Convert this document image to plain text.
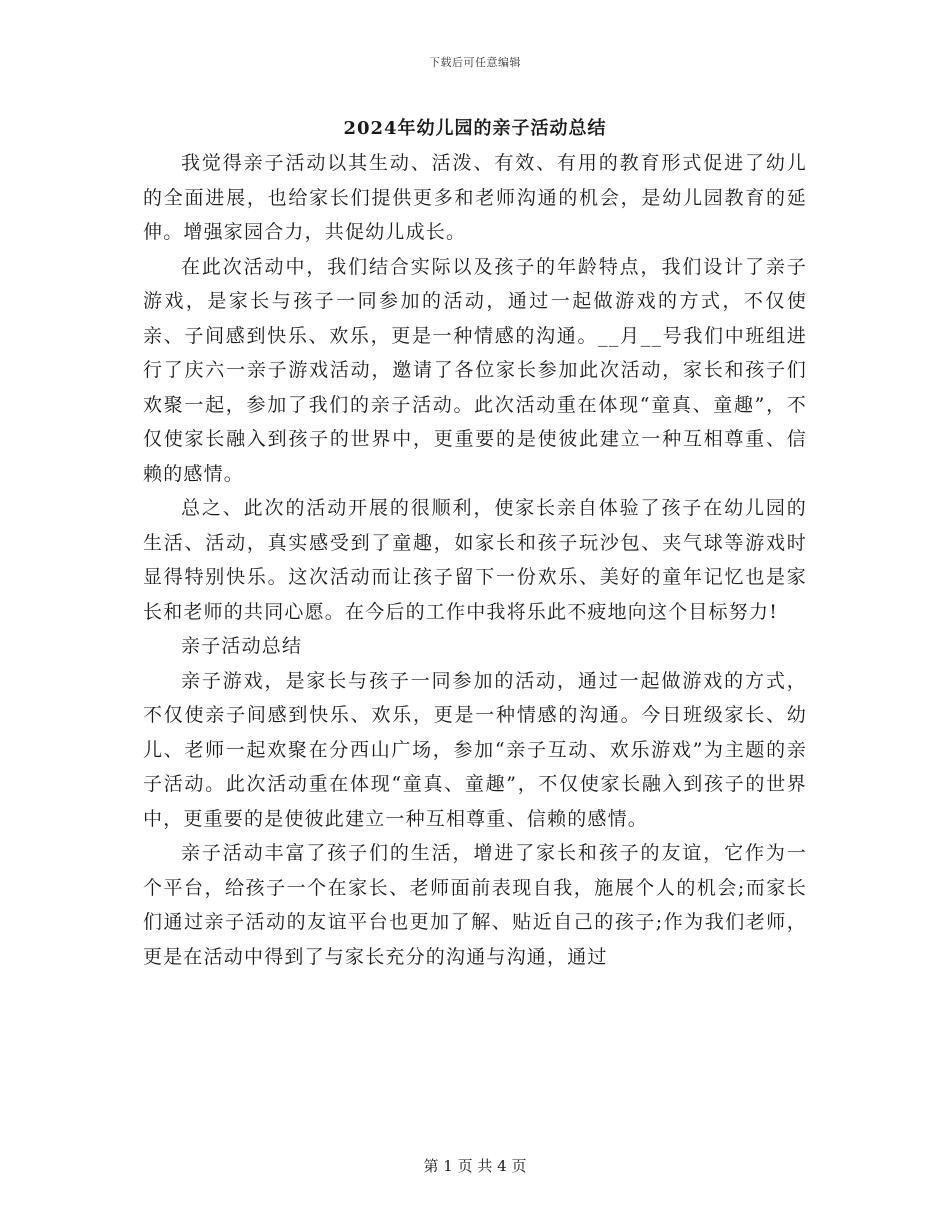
下载后可任意编辑
2024年幼儿园的亲子活动总结

我觉得亲子活动以其生动、活泼、有效、有用的教育形式促进了幼儿的全面进展，也给家长们提供更多和老师沟通的机会，是幼儿园教育的延伸。增强家园合力，共促幼儿成长。

在此次活动中，我们结合实际以及孩子的年龄特点，我们设计了亲子游戏，是家长与孩子一同参加的活动，通过一起做游戏的方式，不仅使亲、子间感到快乐、欢乐，更是一种情感的沟通。__月__号我们中班组进行了庆六一亲子游戏活动，邀请了各位家长参加此次活动，家长和孩子们欢聚一起，参加了我们的亲子活动。此次活动重在体现“童真、童趣”，不仅使家长融入到孩子的世界中，更重要的是使彼此建立一种互相尊重、信赖的感情。

总之、此次的活动开展的很顺利，使家长亲自体验了孩子在幼儿园的生活、活动，真实感受到了童趣，如家长和孩子玩沙包、夹气球等游戏时显得特别快乐。这次活动而让孩子留下一份欢乐、美好的童年记忆也是家长和老师的共同心愿。在今后的工作中我将乐此不疲地向这个目标努力!

亲子活动总结

亲子游戏，是家长与孩子一同参加的活动，通过一起做游戏的方式，不仅使亲子间感到快乐、欢乐，更是一种情感的沟通。今日班级家长、幼儿、老师一起欢聚在分西山广场，参加“亲子互动、欢乐游戏”为主题的亲子活动。此次活动重在体现“童真、童趣”，不仅使家长融入到孩子的世界中，更重要的是使彼此建立一种互相尊重、信赖的感情。

亲子活动丰富了孩子们的生活，增进了家长和孩子的友谊，它作为一个平台，给孩子一个在家长、老师面前表现自我，施展个人的机会;而家长们通过亲子活动的友谊平台也更加了解、贴近自己的孩子;作为我们老师，更是在活动中得到了与家长充分的沟通与沟通，通过

第 1 页 共 4 页
